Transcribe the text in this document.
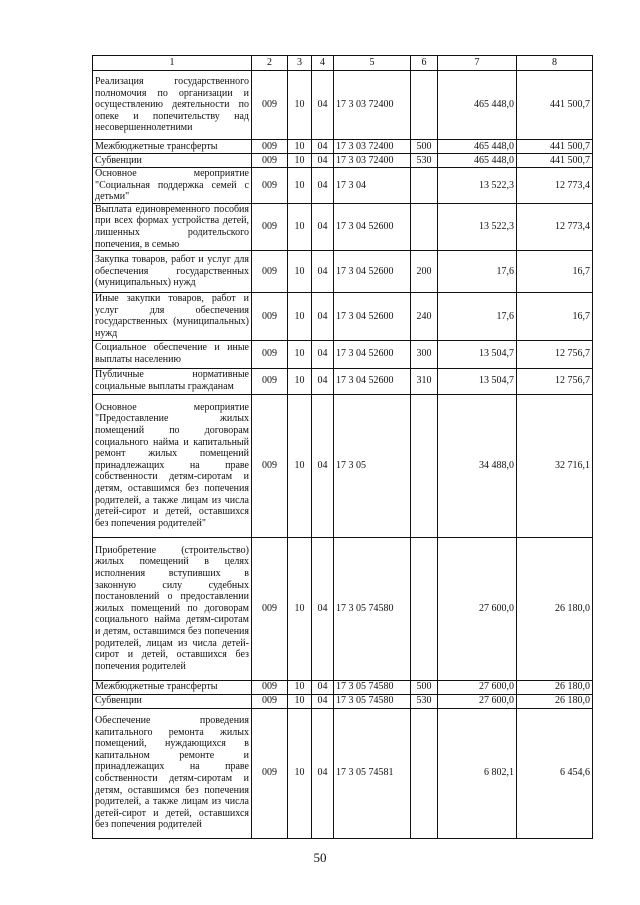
1	2	3	4	5	6	7	8
Реализация государственного полномочия по организации и осуществлению деятельности по опеке и попечительству над несовершеннолетними	009	10	04	17 3 03 72400		465 448,0	441 500,7
Межбюджетные трансферты	009	10	04	17 3 03 72400	500	465 448,0	441 500,7
Субвенции	009	10	04	17 3 03 72400	530	465 448,0	441 500,7
Основное мероприятие "Социальная поддержка семей с детьми"	009	10	04	17 3 04		13 522,3	12 773,4
Выплата единовременного пособия при всех формах устройства детей, лишенных родительского попечения, в семью	009	10	04	17 3 04 52600		13 522,3	12 773,4
Закупка товаров, работ и услуг для обеспечения государственных (муниципальных) нужд	009	10	04	17 3 04 52600	200	17,6	16,7
Иные закупки товаров, работ и услуг для обеспечения государственных (муниципальных) нужд	009	10	04	17 3 04 52600	240	17,6	16,7
Социальное обеспечение и иные выплаты населению	009	10	04	17 3 04 52600	300	13 504,7	12 756,7
Публичные нормативные социальные выплаты гражданам	009	10	04	17 3 04 52600	310	13 504,7	12 756,7
Основное мероприятие "Предоставление жилых помещений по договорам социального найма и капитальный ремонт жилых помещений принадлежащих на праве собственности детям-сиротам и детям, оставшимся без попечения родителей, а также лицам из числа детей-сирот и детей, оставшихся без попечения родителей"	009	10	04	17 3 05		34 488,0	32 716,1
Приобретение (строительство) жилых помещений в целях исполнения вступивших в законную силу судебных постановлений о предоставлении жилых помещений по договорам социального найма детям-сиротам и детям, оставшимся без попечения родителей, лицам из числа детей-сирот и детей, оставшихся без попечения родителей	009	10	04	17 3 05 74580		27 600,0	26 180,0
Межбюджетные трансферты	009	10	04	17 3 05 74580	500	27 600,0	26 180,0
Субвенции	009	10	04	17 3 05 74580	530	27 600,0	26 180,0
Обеспечение проведения капитального ремонта жилых помещений, нуждающихся в капитальном ремонте и принадлежащих на праве собственности детям-сиротам и детям, оставшимся без попечения родителей, а также лицам из числа детей-сирот и детей, оставшихся без попечения родителей	009	10	04	17 3 05 74581		6 802,1	6 454,6
50
